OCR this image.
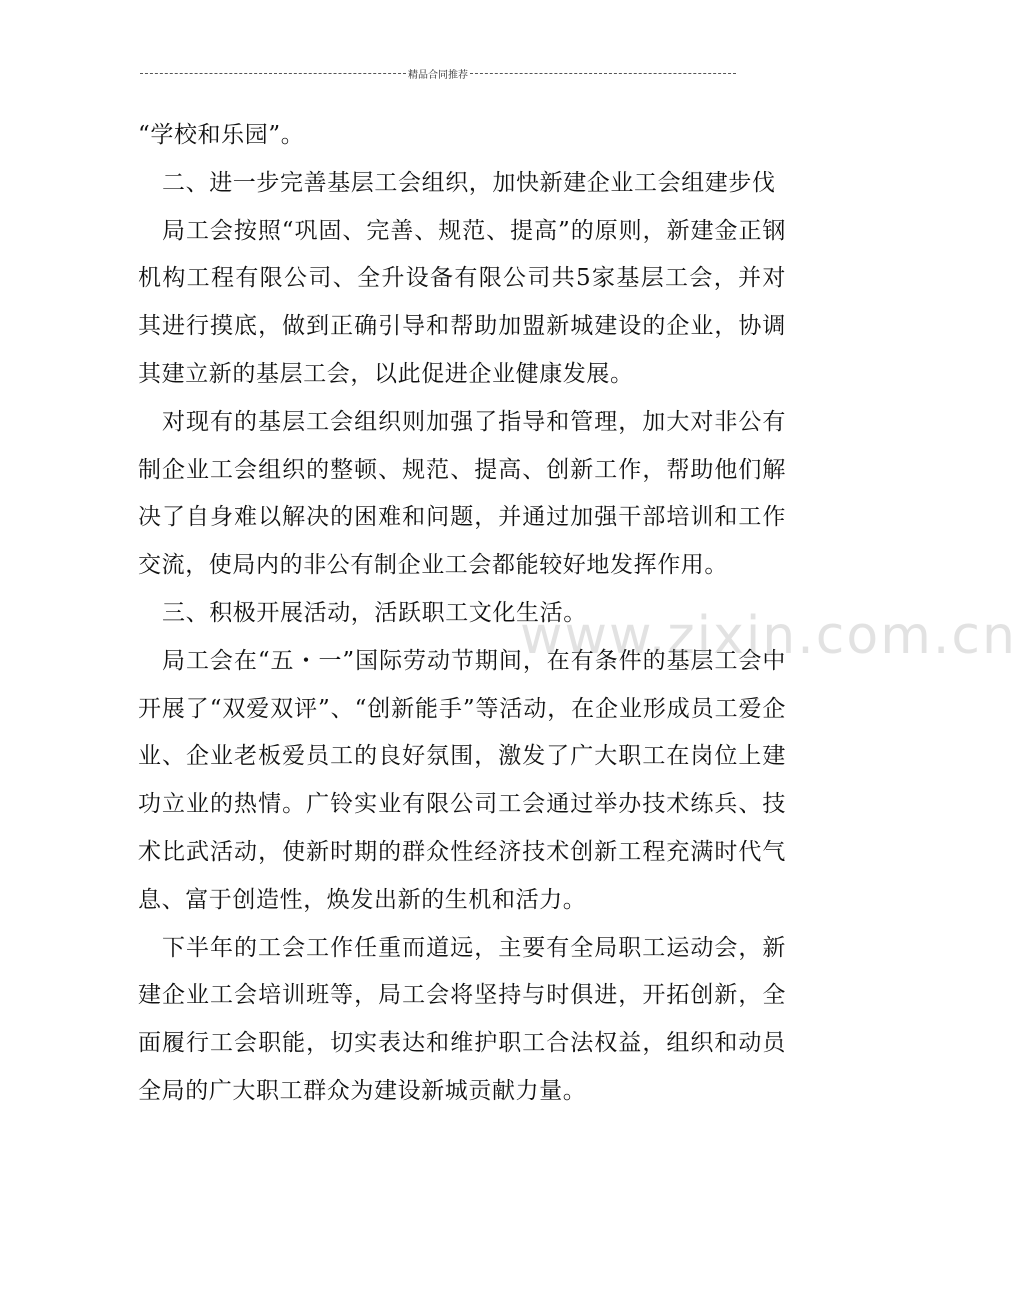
精品合同推荐

“学校和乐园”。

二、进一步完善基层工会组织，加快新建企业工会组建步伐

局工会按照“巩固、完善、规范、提高”的原则，新建金正钢机构工程有限公司、全升设备有限公司共5家基层工会，并对其进行摸底，做到正确引导和帮助加盟新城建设的企业，协调其建立新的基层工会，以此促进企业健康发展。

对现有的基层工会组织则加强了指导和管理，加大对非公有制企业工会组织的整顿、规范、提高、创新工作，帮助他们解决了自身难以解决的困难和问题，并通过加强干部培训和工作交流，使局内的非公有制企业工会都能较好地发挥作用。

三、积极开展活动，活跃职工文化生活。

局工会在“五・一”国际劳动节期间，在有条件的基层工会中开展了“双爱双评”、“创新能手”等活动，在企业形成员工爱企业、企业老板爱员工的良好氛围，激发了广大职工在岗位上建功立业的热情。广铃实业有限公司工会通过举办技术练兵、技术比武活动，使新时期的群众性经济技术创新工程充满时代气息、富于创造性，焕发出新的生机和活力。

下半年的工会工作任重而道远，主要有全局职工运动会，新建企业工会培训班等，局工会将坚持与时俱进，开拓创新，全面履行工会职能，切实表达和维护职工合法权益，组织和动员全局的广大职工群众为建设新城贡献力量。

www.zixin.com.cn
